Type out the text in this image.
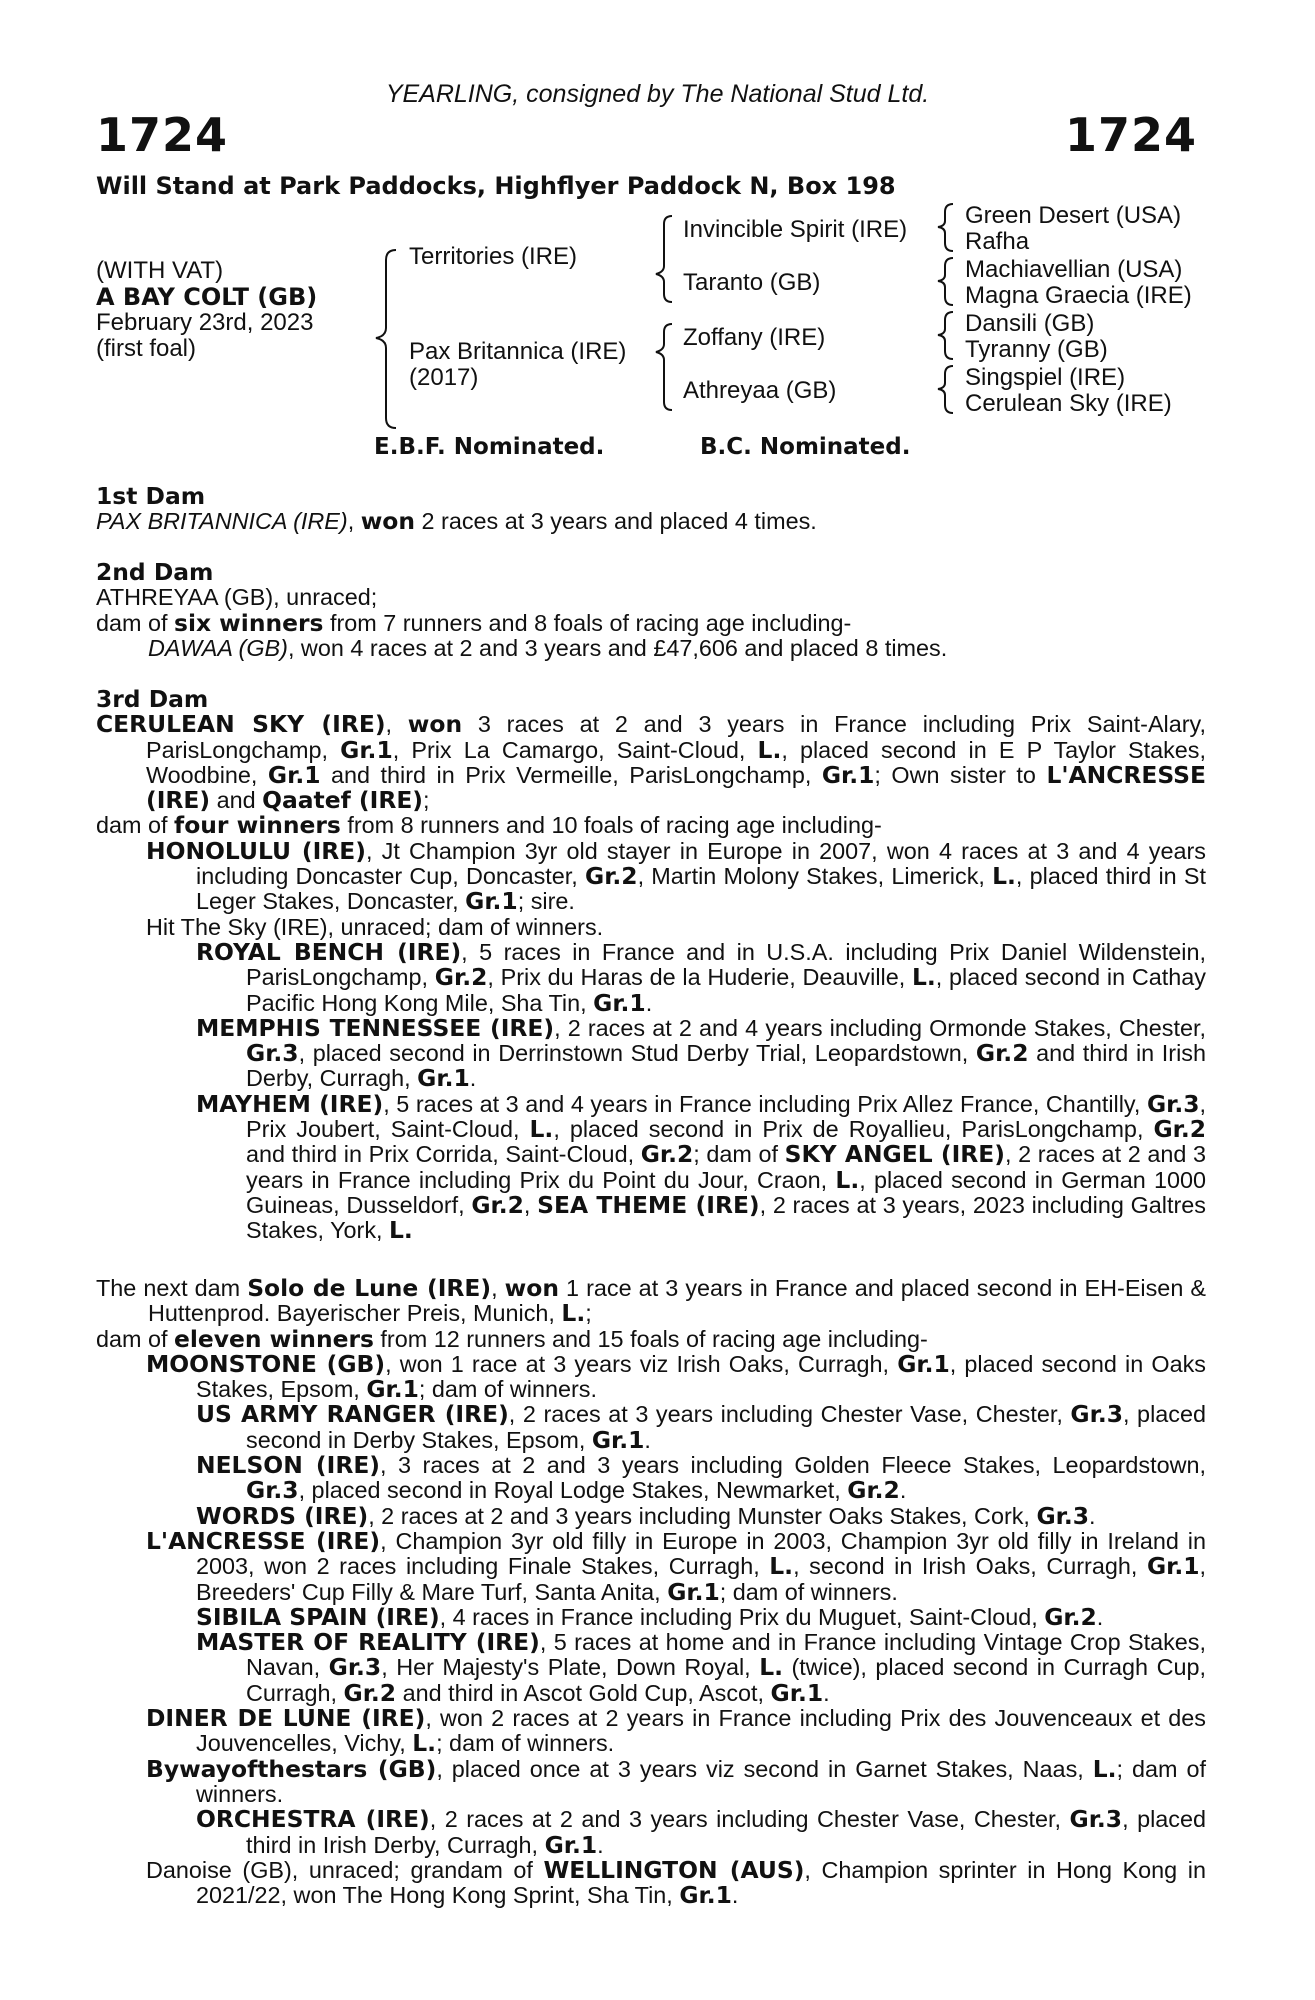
YEARLING, consigned by The National Stud Ltd.
1724	1724
Will Stand at Park Paddocks, Highflyer Paddock N, Box 198
(WITH VAT)
A BAY COLT (GB)
February 23rd, 2023
(first foal)
Territories (IRE)
Pax Britannica (IRE)
(2017)
Invincible Spirit (IRE)
Taranto (GB)
Zoffany (IRE)
Athreyaa (GB)
Green Desert (USA)
Rafha
Machiavellian (USA)
Magna Graecia (IRE)
Dansili (GB)
Tyranny (GB)
Singspiel (IRE)
Cerulean Sky (IRE)
E.B.F. Nominated.	B.C. Nominated.

1st Dam

PAX BRITANNICA (IRE), won 2 races at 3 years and placed 4 times.

2nd Dam

ATHREYAA (GB), unraced;

dam of six winners from 7 runners and 8 foals of racing age including-

DAWAA (GB), won 4 races at 2 and 3 years and £47,606 and placed 8 times.

3rd Dam

CERULEAN SKY (IRE), won 3 races at 2 and 3 years in France including Prix Saint-Alary, ParisLongchamp, Gr.1, Prix La Camargo, Saint-Cloud, L., placed second in E P Taylor Stakes, Woodbine, Gr.1 and third in Prix Vermeille, ParisLongchamp, Gr.1; Own sister to L'ANCRESSE (IRE) and Qaatef (IRE);

dam of four winners from 8 runners and 10 foals of racing age including-

HONOLULU (IRE), Jt Champion 3yr old stayer in Europe in 2007, won 4 races at 3 and 4 years including Doncaster Cup, Doncaster, Gr.2, Martin Molony Stakes, Limerick, L., placed third in St Leger Stakes, Doncaster, Gr.1; sire.

Hit The Sky (IRE), unraced; dam of winners.

ROYAL BENCH (IRE), 5 races in France and in U.S.A. including Prix Daniel Wildenstein, ParisLongchamp, Gr.2, Prix du Haras de la Huderie, Deauville, L., placed second in Cathay Pacific Hong Kong Mile, Sha Tin, Gr.1.

MEMPHIS TENNESSEE (IRE), 2 races at 2 and 4 years including Ormonde Stakes, Chester, Gr.3, placed second in Derrinstown Stud Derby Trial, Leopardstown, Gr.2 and third in Irish Derby, Curragh, Gr.1.

MAYHEM (IRE), 5 races at 3 and 4 years in France including Prix Allez France, Chantilly, Gr.3, Prix Joubert, Saint-Cloud, L., placed second in Prix de Royallieu, ParisLongchamp, Gr.2 and third in Prix Corrida, Saint-Cloud, Gr.2; dam of SKY ANGEL (IRE), 2 races at 2 and 3 years in France including Prix du Point du Jour, Craon, L., placed second in German 1000 Guineas, Dusseldorf, Gr.2, SEA THEME (IRE), 2 races at 3 years, 2023 including Galtres Stakes, York, L.

The next dam Solo de Lune (IRE), won 1 race at 3 years in France and placed second in EH-Eisen & Huttenprod. Bayerischer Preis, Munich, L.;

dam of eleven winners from 12 runners and 15 foals of racing age including-

MOONSTONE (GB), won 1 race at 3 years viz Irish Oaks, Curragh, Gr.1, placed second in Oaks Stakes, Epsom, Gr.1; dam of winners.

US ARMY RANGER (IRE), 2 races at 3 years including Chester Vase, Chester, Gr.3, placed second in Derby Stakes, Epsom, Gr.1.

NELSON (IRE), 3 races at 2 and 3 years including Golden Fleece Stakes, Leopardstown, Gr.3, placed second in Royal Lodge Stakes, Newmarket, Gr.2.

WORDS (IRE), 2 races at 2 and 3 years including Munster Oaks Stakes, Cork, Gr.3.

L'ANCRESSE (IRE), Champion 3yr old filly in Europe in 2003, Champion 3yr old filly in Ireland in 2003, won 2 races including Finale Stakes, Curragh, L., second in Irish Oaks, Curragh, Gr.1, Breeders' Cup Filly & Mare Turf, Santa Anita, Gr.1; dam of winners.

SIBILA SPAIN (IRE), 4 races in France including Prix du Muguet, Saint-Cloud, Gr.2.

MASTER OF REALITY (IRE), 5 races at home and in France including Vintage Crop Stakes, Navan, Gr.3, Her Majesty's Plate, Down Royal, L. (twice), placed second in Curragh Cup, Curragh, Gr.2 and third in Ascot Gold Cup, Ascot, Gr.1.

DINER DE LUNE (IRE), won 2 races at 2 years in France including Prix des Jouvenceaux et des Jouvencelles, Vichy, L.; dam of winners.

Bywayofthestars (GB), placed once at 3 years viz second in Garnet Stakes, Naas, L.; dam of winners.

ORCHESTRA (IRE), 2 races at 2 and 3 years including Chester Vase, Chester, Gr.3, placed third in Irish Derby, Curragh, Gr.1.

Danoise (GB), unraced; grandam of WELLINGTON (AUS), Champion sprinter in Hong Kong in 2021/22, won The Hong Kong Sprint, Sha Tin, Gr.1.
